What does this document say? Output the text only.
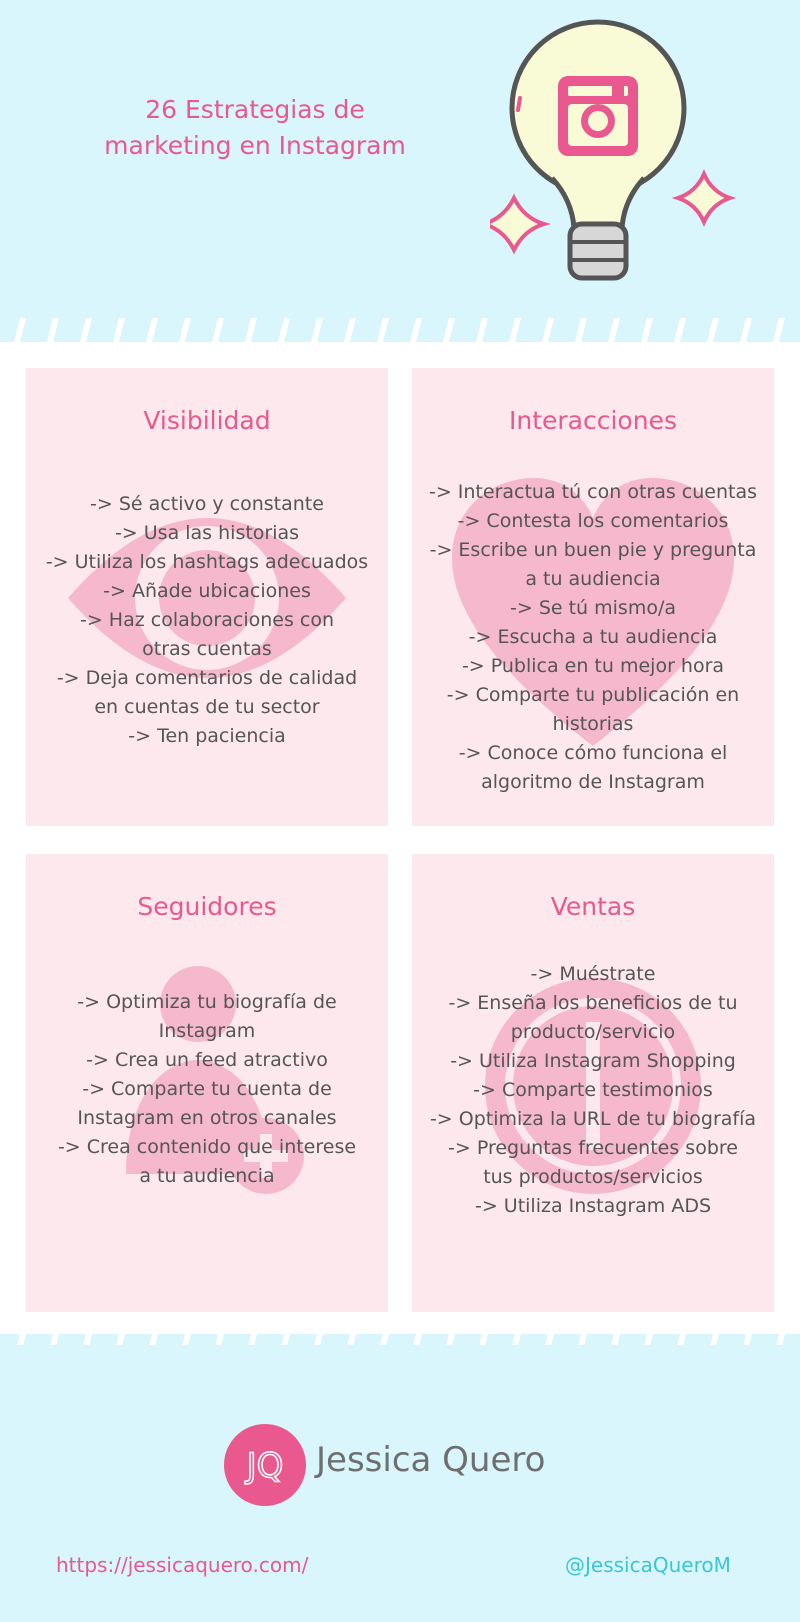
26 Estrategias de
marketing en Instagram
Visibilidad
-> Sé activo y constante
-> Usa las historias
-> Utiliza los hashtags adecuados
-> Añade ubicaciones
-> Haz colaboraciones con
otras cuentas
-> Deja comentarios de calidad
en cuentas de tu sector
-> Ten paciencia
Interacciones
-> Interactua tú con otras cuentas
-> Contesta los comentarios
-> Escribe un buen pie y pregunta
a tu audiencia
-> Se tú mismo/a
-> Escucha a tu audiencia
-> Publica en tu mejor hora
-> Comparte tu publicación en
historias
-> Conoce cómo funciona el
algoritmo de Instagram
Seguidores
-> Optimiza tu biografía de
Instagram
-> Crea un feed atractivo
-> Comparte tu cuenta de
Instagram en otros canales
-> Crea contenido que interese
a tu audiencia
Ventas
-> Muéstrate
-> Enseña los beneficios de tu
producto/servicio
-> Utiliza Instagram Shopping
-> Comparte testimonios
-> Optimiza la URL de tu biografía
-> Preguntas frecuentes sobre
tus productos/servicios
-> Utiliza Instagram ADS
JQ Jessica Quero
https://jessicaquero.com/	@JessicaQueroM
